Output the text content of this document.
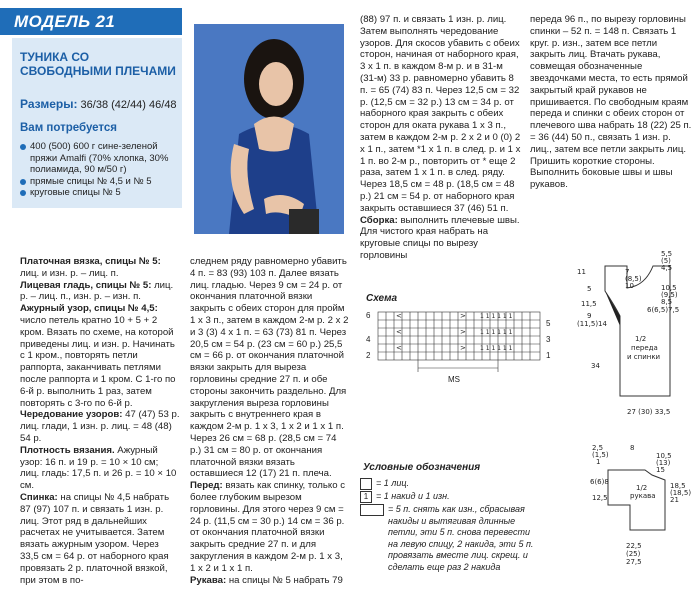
МОДЕЛЬ 21
ТУНИКА СО СВОБОДНЫМИ ПЛЕЧАМИ
Размеры: 36/38 (42/44) 46/48
Вам потребуется
400 (500) 600 г сине-зеленой пряжи Amalfi (70% хлопка, 30% полиамида, 90 м/50 г)
прямые спицы № 4,5 и № 5
круговые спицы № 5

Платочная вязка, спицы № 5: лиц. и изн. р. – лиц. п.

Лицевая гладь, спицы № 5: лиц. р. – лиц. п., изн. р. – изн. п.

Ажурный узор, спицы № 4,5: число петель кратно 10 + 5 + 2 кром. Вязать по схеме, на которой приведены лиц. и изн. р. Начинать с 1 кром., повторять петли раппорта, заканчивать петлями после раппорта и 1 кром. С 1-го по 6-й р. выполнить 1 раз, затем повторять с 3-го по 6-й р.

Чередование узоров: 47 (47) 53 р. лиц. глади, 1 изн. р. лиц. = 48 (48) 54 р.

Плотность вязания. Ажурный узор: 16 п. и 19 р. = 10 × 10 см; лиц. гладь: 17,5 п. и 26 р. = 10 × 10 см.

Спинка: на спицы № 4,5 набрать 87 (97) 107 п. и связать 1 изн. р. лиц. Этот ряд в дальнейших расчетах не учитывается. Затем вязать ажурным узором. Через 33,5 см = 64 р. от наборного края провязать 2 р. платочной вязкой, при этом в по-

следнем ряду равномерно убавить 4 п. = 83 (93) 103 п. Далее вязать лиц. гладью. Через 9 см = 24 р. от окончания платочной вязки закрыть с обеих сторон для пройм 1 х 3 п., затем в каждом 2-м р. 2 х 2 и 3 (3) 4 х 1 п. = 63 (73) 81 п. Через 20,5 см = 54 р. (23 см = 60 р.) 25,5 см = 66 р. от окончания платочной вязки закрыть для выреза горловины средние 27 п. и обе стороны закончить раздельно. Для закругления выреза горловины закрыть с внутреннего края в каждом 2-м р. 1 х 3, 1 х 2 и 1 х 1 п. Через 26 см = 68 р. (28,5 см = 74 р.) 31 см = 80 р. от окончания платочной вязки вязать оставшиеся 12 (17) 21 п. плеча.

Перед: вязать как спинку, только с более глубоким вырезом горловины. Для этого через 9 см = 24 р. (11,5 см = 30 р.) 14 см = 36 р. от окончания платочной вязки закрыть средние 27 п. и для закругления в каждом 2-м р. 1 х 3, 1 х 2 и 1 х 1 п.

Рукава: на спицы № 5 набрать 79

(88) 97 п. и связать 1 изн. р. лиц. Затем выполнять чередование узоров. Для скосов убавить с обеих сторон, начиная от наборного края, 3 х 1 п. в каждом 8-м р. и в 31-м (31-м) 33 р. равномерно убавить 8 п. = 65 (74) 83 п. Через 12,5 см = 32 р. (12,5 см = 32 р.) 13 см = 34 р. от наборного края закрыть с обеих сторон для оката рукава 1 х 3 п., затем в каждом 2-м р. 2 х 2 и 0 (0) 2 х 1 п., затем *1 х 1 п. в след. р. и 1 х 1 п. во 2-м р., повторить от * еще 2 раза, затем 1 х 1 п. в след. ряду. Через 18,5 см = 48 р. (18,5 см = 48 р.) 21 см = 54 р. от наборного края закрыть оставшиеся 37 (46) 51 п.

Сборка: выполнить плечевые швы. Для чистого края набрать на круговые спицы по вырезу горловины

переда 96 п., по вырезу горловины спинки – 52 п. = 148 п. Связать 1 круг. р. изн., затем все петли закрыть лиц. Втачать рукава, совмещая обозначенные звездочками места, то есть прямой закрытый край рукавов не пришивается. По свободным краям переда и спинки с обеих сторон от плечевого шва набрать 18 (22) 25 п. = 36 (44) 50 п., связать 1 изн. р. лиц., затем все петли закрыть лиц. Пришить короткие стороны. Выполнить боковые швы и швы рукавов.

Схема
1 1 1 1 1 1
1 1 1 1 1 1
1 1 1 1 1 1
<	>
<	>
<	>
6
4
2
5
3
1
MS
Условные обозначения
= 1 лиц.
1 = 1 накид и 1 изн.
= 5 п. снять как изн., сбрасывая накиды и вытягивая длинные петли, эти 5 п. снова перевести на левую спицу, 2 накида, эти 5 п. провязать вместе лиц. скрещ. и сделать еще раз 2 накида
11	7
(8,5)
10
5,5
(5)
4,5
10,5
(9,5)
8,5
6(6,5)7,5
5
11,5
9
(11,5)14
34
1/2
переда
и спинки
27 (30) 33,5
8
10,5
(13)
15
2,5
(1,5)
1
6(6)8
12,5
18,5
(18,5)
21
1/2
рукава
22,5
(25)
27,5
